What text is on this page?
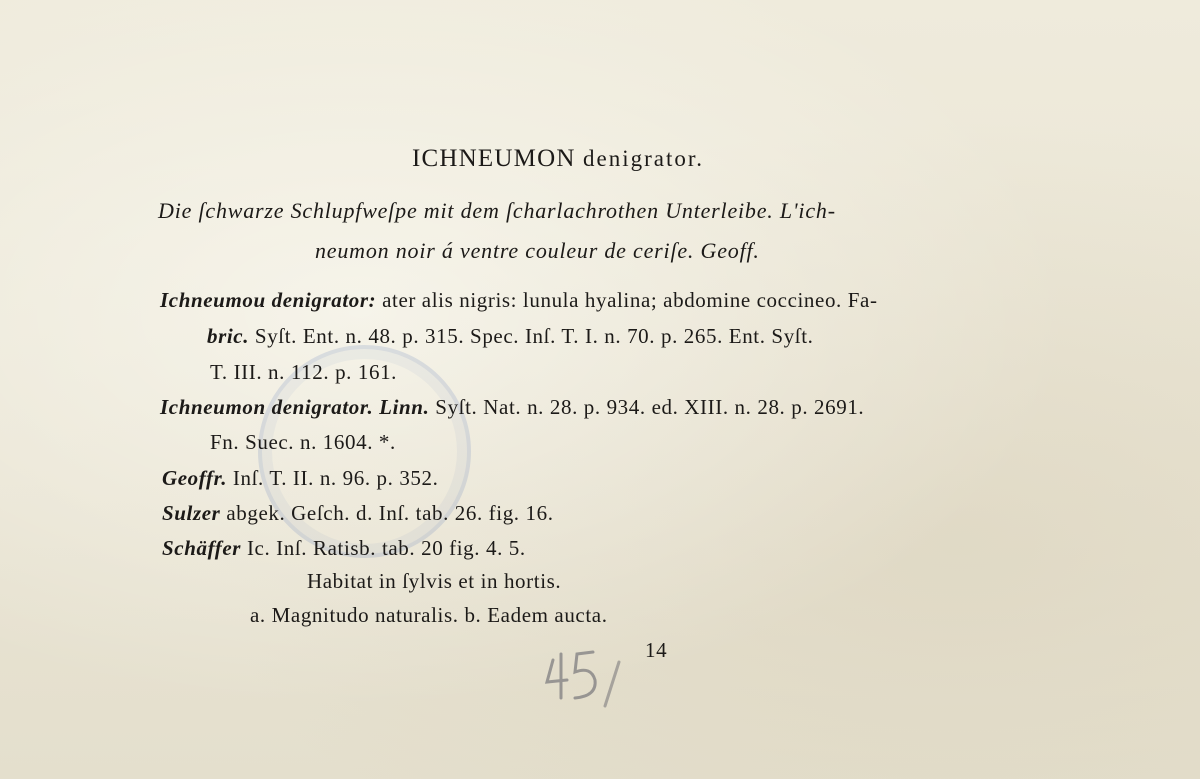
ICHNEUMON denigrator.
Die ſchwarze Schlupfweſpe mit dem ſcharlachrothen Unterleibe. L'ich-
neumon noir á ventre couleur de ceriſe. Geoff.
Ichneumou denigrator: ater alis nigris: lunula hyalina; abdomine coccineo. Fa-
bric. Syſt. Ent. n. 48. p. 315. Spec. Inſ. T. I. n. 70. p. 265. Ent. Syſt.
T. III. n. 112. p. 161.
Ichneumon denigrator. Linn. Syſt. Nat. n. 28. p. 934. ed. XIII. n. 28. p. 2691.
Fn. Suec. n. 1604. *.
Geoffr. Inſ. T. II. n. 96. p. 352.
Sulzer abgek. Geſch. d. Inſ. tab. 26. fig. 16.
Schäffer Ic. Inſ. Ratisb. tab. 20 fig. 4. 5.
Habitat in ſylvis et in hortis.
a. Magnitudo naturalis. b. Eadem aucta.
14
